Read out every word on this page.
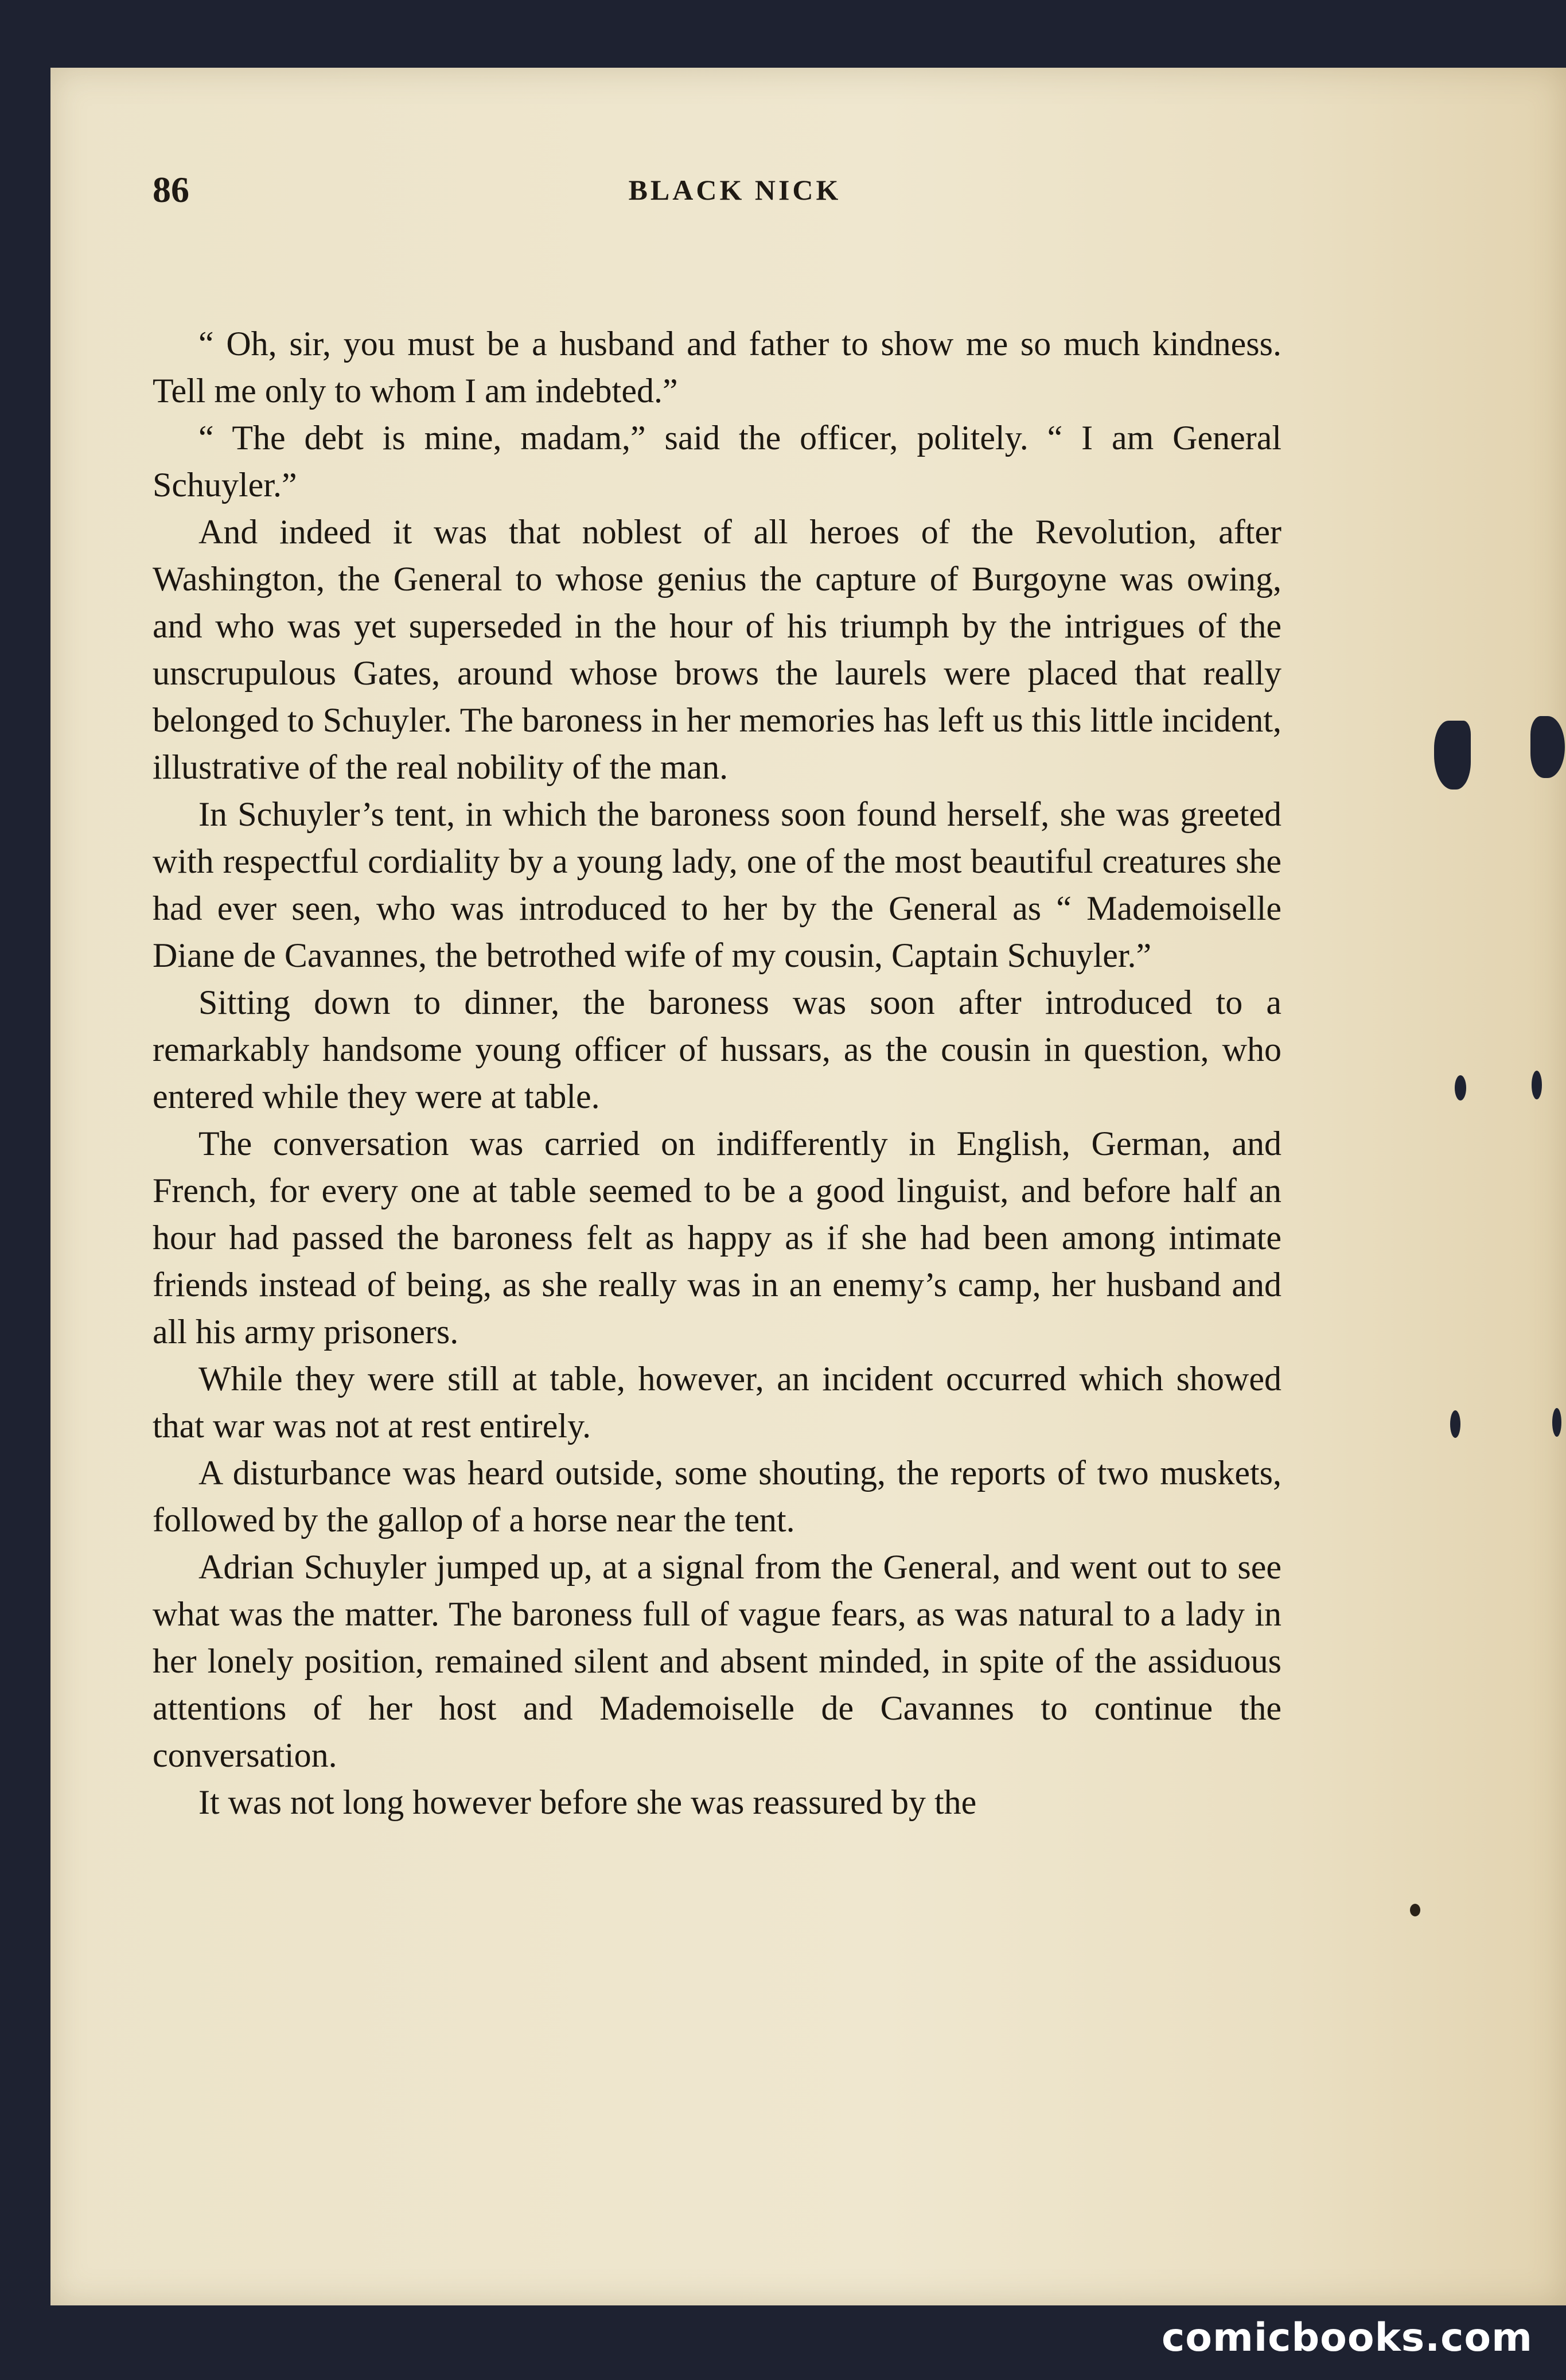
86	BLACK NICK

“ Oh, sir, you must be a husband and father to show me so much kindness. Tell me only to whom I am indebted.”

“ The debt is mine, madam,” said the officer, politely. “ I am General Schuyler.”

And indeed it was that noblest of all heroes of the Revolution, after Washington, the General to whose genius the capture of Burgoyne was owing, and who was yet superseded in the hour of his triumph by the intrigues of the unscrupulous Gates, around whose brows the laurels were placed that really belonged to Schuyler. The baroness in her memories has left us this little incident, illustrative of the real nobility of the man.

In Schuyler’s tent, in which the baroness soon found herself, she was greeted with respectful cordiality by a young lady, one of the most beautiful creatures she had ever seen, who was introduced to her by the General as “ Mademoiselle Diane de Cavannes, the betrothed wife of my cousin, Captain Schuyler.”

Sitting down to dinner, the baroness was soon after introduced to a remarkably handsome young officer of hussars, as the cousin in question, who entered while they were at table.

The conversation was carried on indifferently in English, German, and French, for every one at table seemed to be a good linguist, and before half an hour had passed the baroness felt as happy as if she had been among intimate friends instead of being, as she really was in an enemy’s camp, her husband and all his army prisoners.

While they were still at table, however, an incident occurred which showed that war was not at rest entirely.

A disturbance was heard outside, some shouting, the reports of two muskets, followed by the gallop of a horse near the tent.

Adrian Schuyler jumped up, at a signal from the General, and went out to see what was the matter. The baroness full of vague fears, as was natural to a lady in her lonely position, remained silent and absent minded, in spite of the assiduous attentions of her host and Mademoiselle de Cavannes to continue the conversation.

It was not long however before she was reassured by the

comicbooks.com
